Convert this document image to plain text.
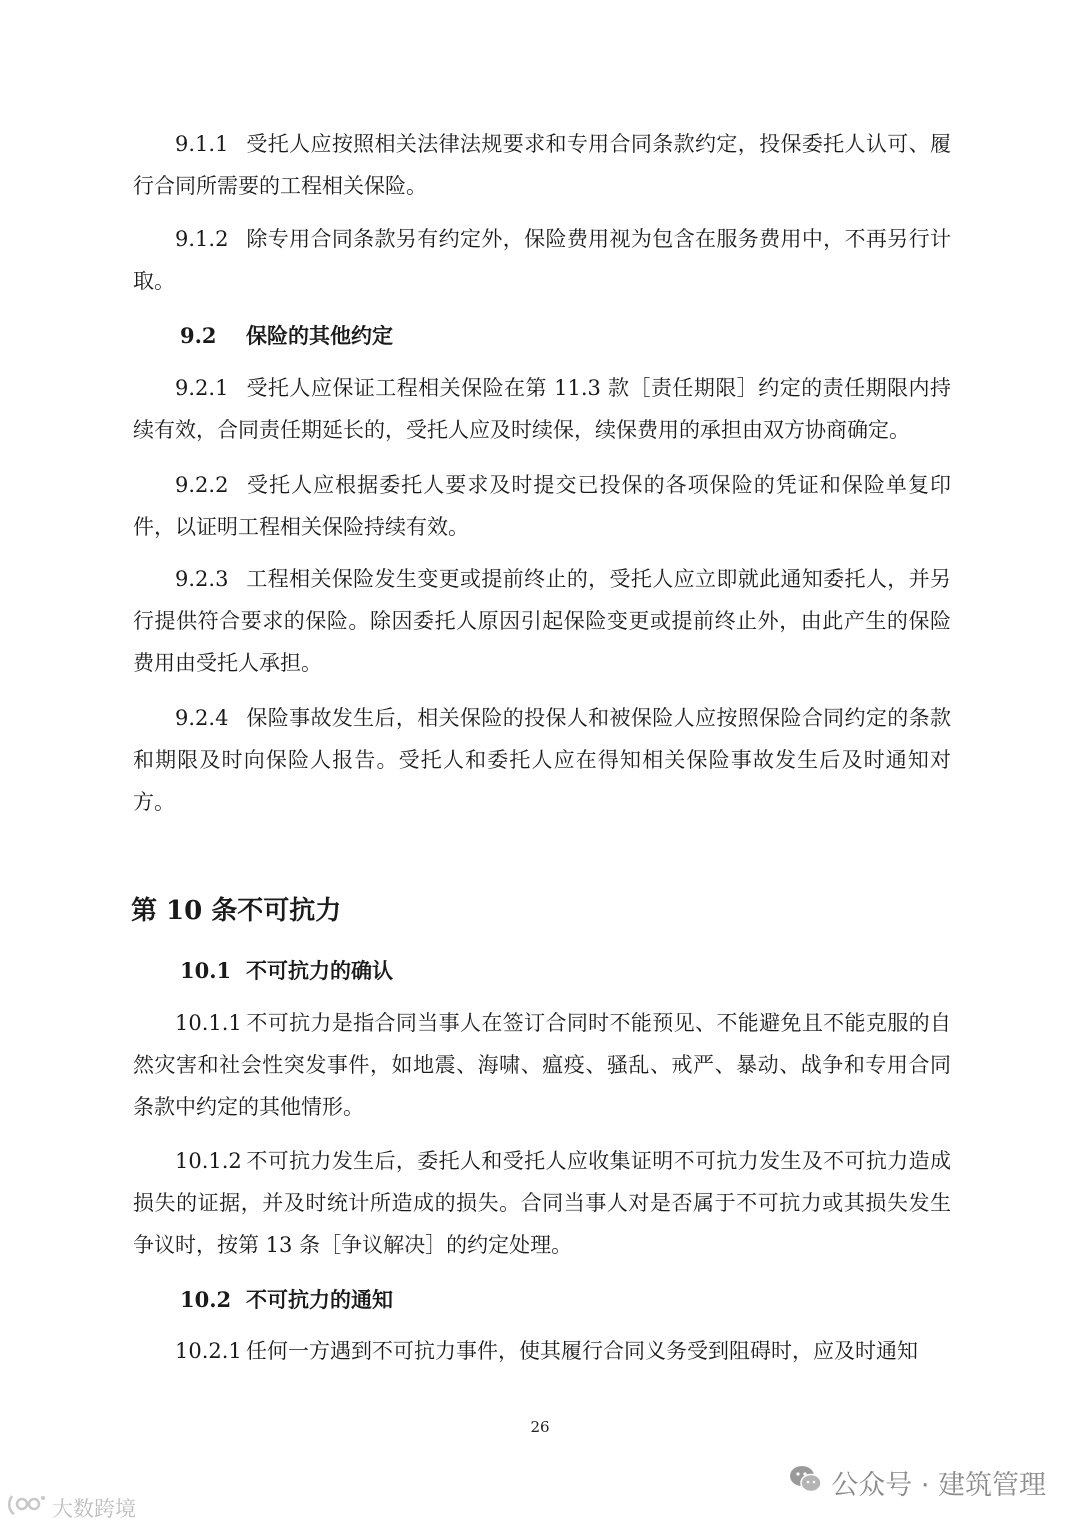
9.1.1 受托人应按照相关法律法规要求和专用合同条款约定，投保委托人认可、履行合同所需要的工程相关保险。

9.1.2 除专用合同条款另有约定外，保险费用视为包含在服务费用中，不再另行计取。

9.2 保险的其他约定

9.2.1 受托人应保证工程相关保险在第 11.3 款［责任期限］约定的责任期限内持续有效，合同责任期延长的，受托人应及时续保，续保费用的承担由双方协商确定。

9.2.2 受托人应根据委托人要求及时提交已投保的各项保险的凭证和保险单复印件，以证明工程相关保险持续有效。

9.2.3 工程相关保险发生变更或提前终止的，受托人应立即就此通知委托人，并另行提供符合要求的保险。除因委托人原因引起保险变更或提前终止外，由此产生的保险费用由受托人承担。

9.2.4 保险事故发生后，相关保险的投保人和被保险人应按照保险合同约定的条款和期限及时向保险人报告。受托人和委托人应在得知相关保险事故发生后及时通知对方。

第 10 条不可抗力
10.1 不可抗力的确认

10.1.1 不可抗力是指合同当事人在签订合同时不能预见、不能避免且不能克服的自然灾害和社会性突发事件，如地震、海啸、瘟疫、骚乱、戒严、暴动、战争和专用合同条款中约定的其他情形。

10.1.2 不可抗力发生后，委托人和受托人应收集证明不可抗力发生及不可抗力造成损失的证据，并及时统计所造成的损失。合同当事人对是否属于不可抗力或其损失发生争议时，按第 13 条［争议解决］的约定处理。

10.2 不可抗力的通知

10.2.1 任何一方遇到不可抗力事件，使其履行合同义务受到阻碍时，应及时通知

26
公众号 · 建筑管理
大数跨境
